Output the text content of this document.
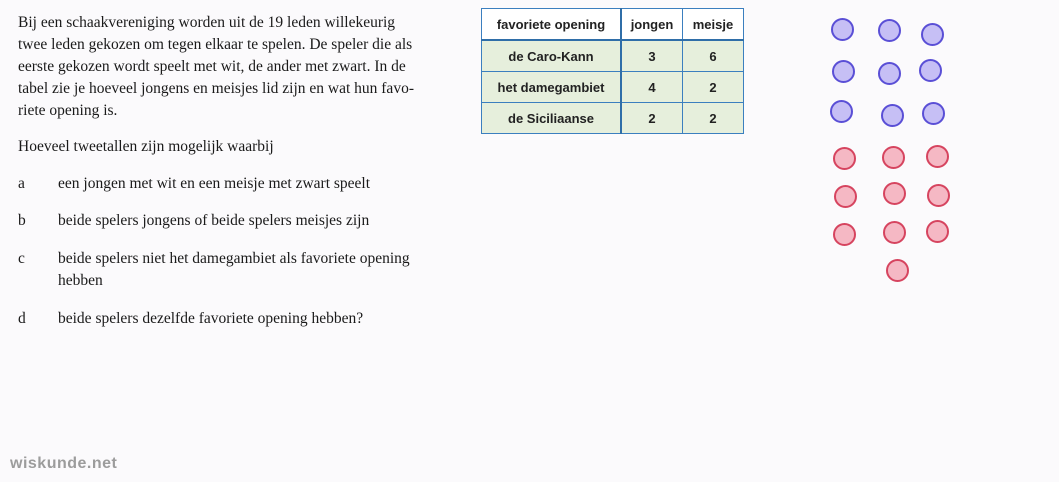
Bij een schaakvereniging worden uit de 19 leden willekeurig
twee leden gekozen om tegen elkaar te spelen. De speler die als
eerste gekozen wordt speelt met wit, de ander met zwart. In de
tabel zie je hoeveel jongens en meisjes lid zijn en wat hun favo-
riete opening is.
Hoeveel tweetallen zijn mogelijk waarbij
a	een jongen met wit en een meisje met zwart speelt
b	beide spelers jongens of beide spelers meisjes zijn
c	beide spelers niet het damegambiet als favoriete opening
hebben
d	beide spelers dezelfde favoriete opening hebben?
favoriete opening	jongen	meisje
de Caro-Kann	3	6
het damegambiet	4	2
de Siciliaanse	2	2
wiskunde.net
